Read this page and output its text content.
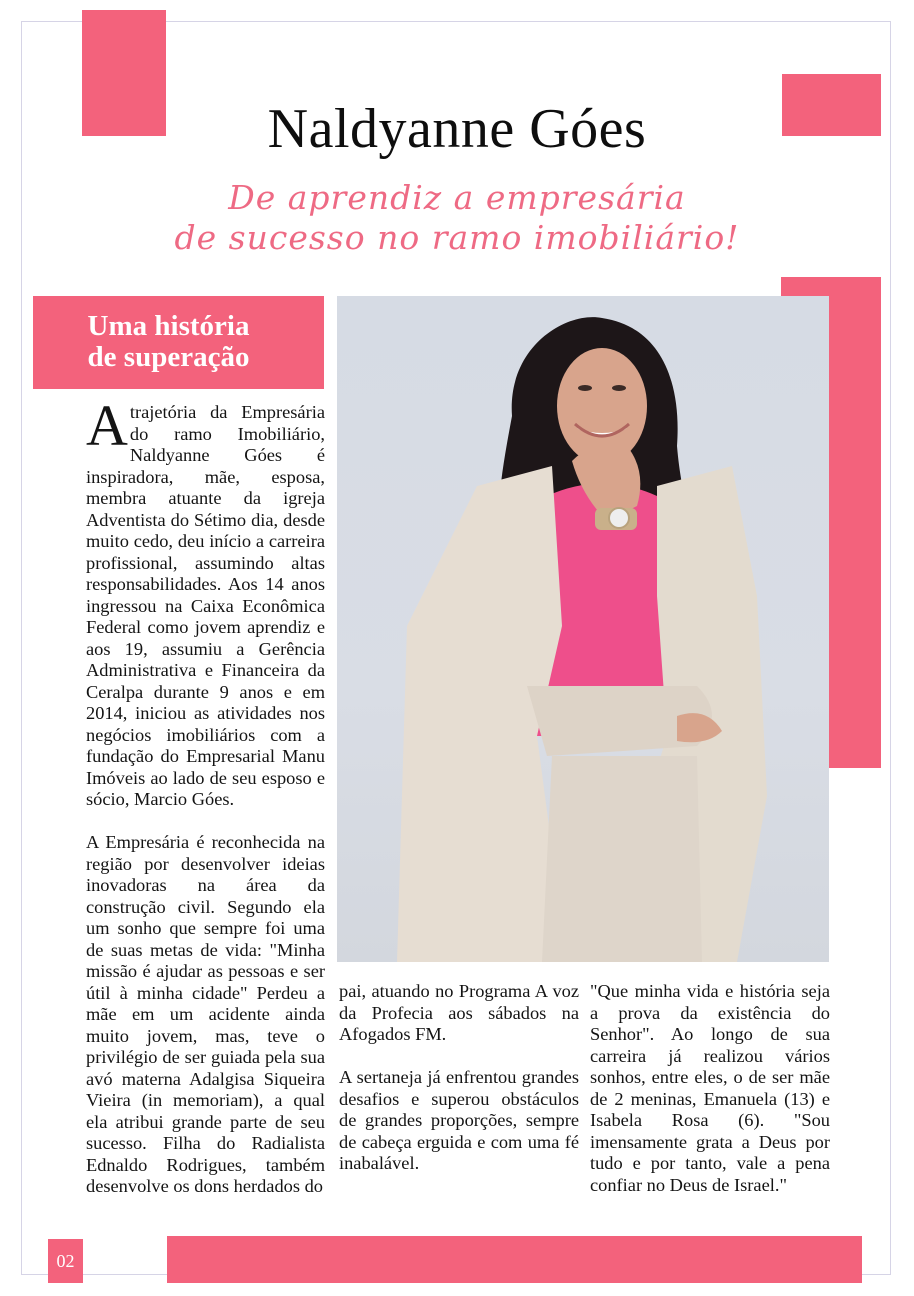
Naldyanne Góes
De aprendiz a empresária
de sucesso no ramo imobiliário!
Uma história
de superação

A trajetória da Empresária do ramo Imobiliário, Naldyanne Góes é inspiradora, mãe, esposa, membra atuante da igreja Adventista do Sétimo dia, desde muito cedo, deu início a carreira profissional, assumindo altas responsabilidades. Aos 14 anos ingressou na Caixa Econômica Federal como jovem aprendiz e aos 19, assumiu a Gerência Administrativa e Financeira da Ceralpa durante 9 anos e em 2014, iniciou as atividades nos negócios imobiliários com a fundação do Empresarial Manu Imóveis ao lado de seu esposo e sócio, Marcio Góes.

A Empresária é reconhecida na região por desenvolver ideias inovadoras na área da construção civil. Segundo ela um sonho que sempre foi uma de suas metas de vida: "Minha missão é ajudar as pessoas e ser útil à minha cidade" Perdeu a mãe em um acidente ainda muito jovem, mas, teve o privilégio de ser guiada pela sua avó materna Adalgisa Siqueira Vieira (in memoriam), a qual ela atribui grande parte de seu sucesso. Filha do Radialista Ednaldo Rodrigues, também desenvolve os dons herdados do

pai, atuando no Programa A voz da Profecia aos sábados na Afogados FM.

A sertaneja já enfrentou grandes desafios e superou obstáculos de grandes proporções, sempre de cabeça erguida e com uma fé inabalável.

"Que minha vida e história seja a prova da existência do Senhor". Ao longo de sua carreira já realizou vários sonhos, entre eles, o de ser mãe de 2 meninas, Emanuela (13) e Isabela Rosa (6). "Sou imensamente grata a Deus por tudo e por tanto, vale a pena confiar no Deus de Israel."

02
